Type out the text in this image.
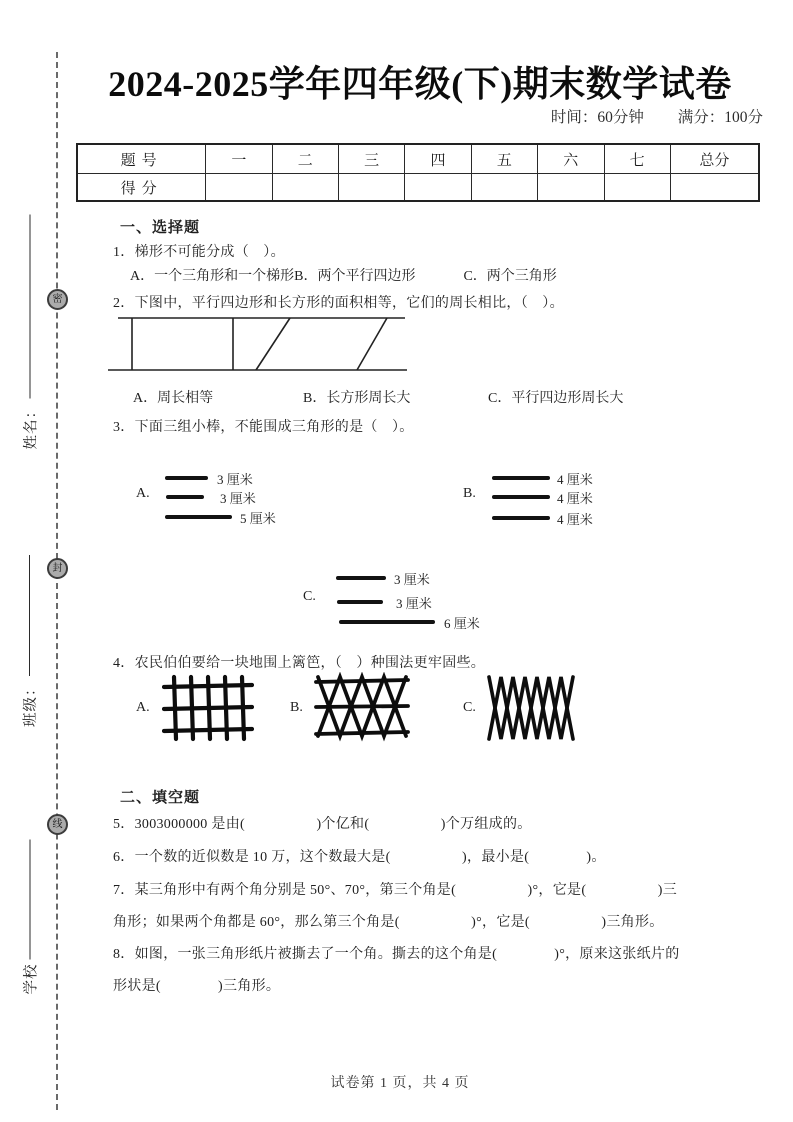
密
封
线
姓名：
班级：
学校
2024-2025学年四年级(下)期末数学试卷
时间：60分钟 满分：100分
题号	一	二	三	四	五	六	七	总分
得分								
一、选择题
1．梯形不可能分成（　）。
A．一个三角形和一个梯形 B．两个平行四边形	C．两个三角形
2．下图中，平行四边形和长方形的面积相等，它们的周长相比，（　）。
A．周长相等	B．长方形周长大	C．平行四边形周长大
3．下面三组小棒，不能围成三角形的是（　）。
A.
3 厘米
3 厘米
5 厘米
B.
4 厘米
4 厘米
4 厘米
C.
3 厘米
3 厘米
6 厘米
4．农民伯伯要给一块地围上篱笆，（　）种围法更牢固些。
A.	B.	C.
二、填空题
5．3003000000 是由(　　　　　)个亿和(　　　　　)个万组成的。
6．一个数的近似数是 10 万，这个数最大是(　　　　　)，最小是(　　　　)。
7．某三角形中有两个角分别是 50°、70°，第三个角是(　　　　　)°，它是(　　　　　)三
角形；如果两个角都是 60°，那么第三个角是(　　　　　)°，它是(　　　　　)三角形。
8．如图，一张三角形纸片被撕去了一个角。撕去的这个角是(　　　　)°，原来这张纸片的
形状是(　　　　)三角形。
试卷第 1 页，共 4 页
